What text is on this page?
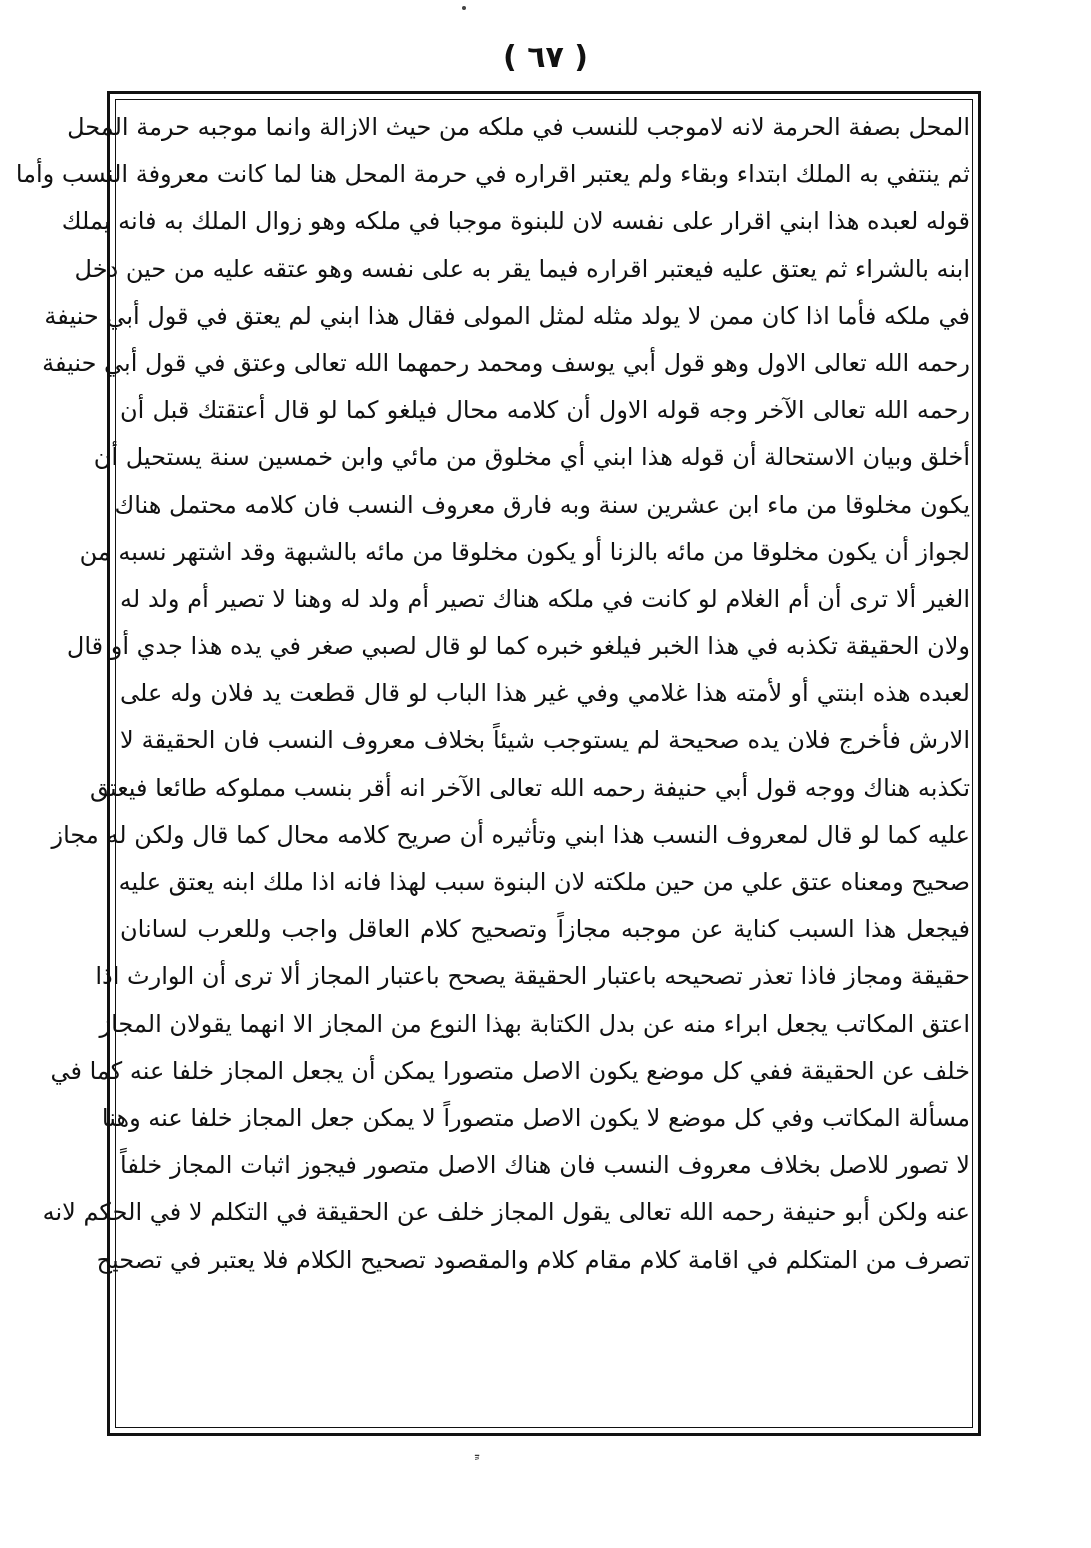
( ٦٧ )
المحل بصفة الحرمة لانه لاموجب للنسب في ملكه من حيث الازالة وانما موجبه حرمة المحل
ثم ينتفي به الملك ابتداء وبقاء ولم يعتبر اقراره في حرمة المحل هنا لما كانت معروفة النسب وأما
قوله لعبده هذا ابني اقرار على نفسه لان للبنوة موجبا في ملكه وهو زوال الملك به فانه يملك
ابنه بالشراء ثم يعتق عليه فيعتبر اقراره فيما يقر به على نفسه وهو عتقه عليه من حين دخل
في ملكه فأما اذا كان ممن لا يولد مثله لمثل المولى فقال هذا ابني لم يعتق في قول أبي حنيفة
رحمه الله تعالى الاول وهو قول أبي يوسف ومحمد رحمهما الله تعالى وعتق في قول أبي حنيفة
رحمه الله تعالى الآخر وجه قوله الاول أن كلامه محال فيلغو كما لو قال أعتقتك قبل أن
أخلق وبيان الاستحالة أن قوله هذا ابني أي مخلوق من مائي وابن خمسين سنة يستحيل أن
يكون مخلوقا من ماء ابن عشرين سنة وبه فارق معروف النسب فان كلامه محتمل هناك
لجواز أن يكون مخلوقا من مائه بالزنا أو يكون مخلوقا من مائه بالشبهة وقد اشتهر نسبه من
الغير ألا ترى أن أم الغلام لو كانت في ملكه هناك تصير أم ولد له وهنا لا تصير أم ولد له
ولان الحقيقة تكذبه في هذا الخبر فيلغو خبره كما لو قال لصبي صغر في يده هذا جدي أو قال
لعبده هذه ابنتي أو لأمته هذا غلامي وفي غير هذا الباب لو قال قطعت يد فلان وله على
الارش فأخرج فلان يده صحيحة لم يستوجب شيئاً بخلاف معروف النسب فان الحقيقة لا
تكذبه هناك ووجه قول أبي حنيفة رحمه الله تعالى الآخر انه أقر بنسب مملوكه طائعا فيعتق
عليه كما لو قال لمعروف النسب هذا ابني وتأثيره أن صريح كلامه محال كما قال ولكن له مجاز
صحيح ومعناه عتق علي من حين ملكته لان البنوة سبب لهذا فانه اذا ملك ابنه يعتق عليه
فيجعل هذا السبب كناية عن موجبه مجازاً وتصحيح كلام العاقل واجب وللعرب لسانان
حقيقة ومجاز فاذا تعذر تصحيحه باعتبار الحقيقة يصحح باعتبار المجاز ألا ترى أن الوارث اذا
اعتق المكاتب يجعل ابراء منه عن بدل الكتابة بهذا النوع من المجاز الا انهما يقولان المجاز
خلف عن الحقيقة ففي كل موضع يكون الاصل متصورا يمكن أن يجعل المجاز خلفا عنه كما في
مسألة المكاتب وفي كل موضع لا يكون الاصل متصوراً لا يمكن جعل المجاز خلفا عنه وهنا
لا تصور للاصل بخلاف معروف النسب فان هناك الاصل متصور فيجوز اثبات المجاز خلفاً
عنه ولكن أبو حنيفة رحمه الله تعالى يقول المجاز خلف عن الحقيقة في التكلم لا في الحكم لانه
تصرف من المتكلم في اقامة كلام مقام كلام والمقصود تصحيح الكلام فلا يعتبر في تصحيح
ـٍ
